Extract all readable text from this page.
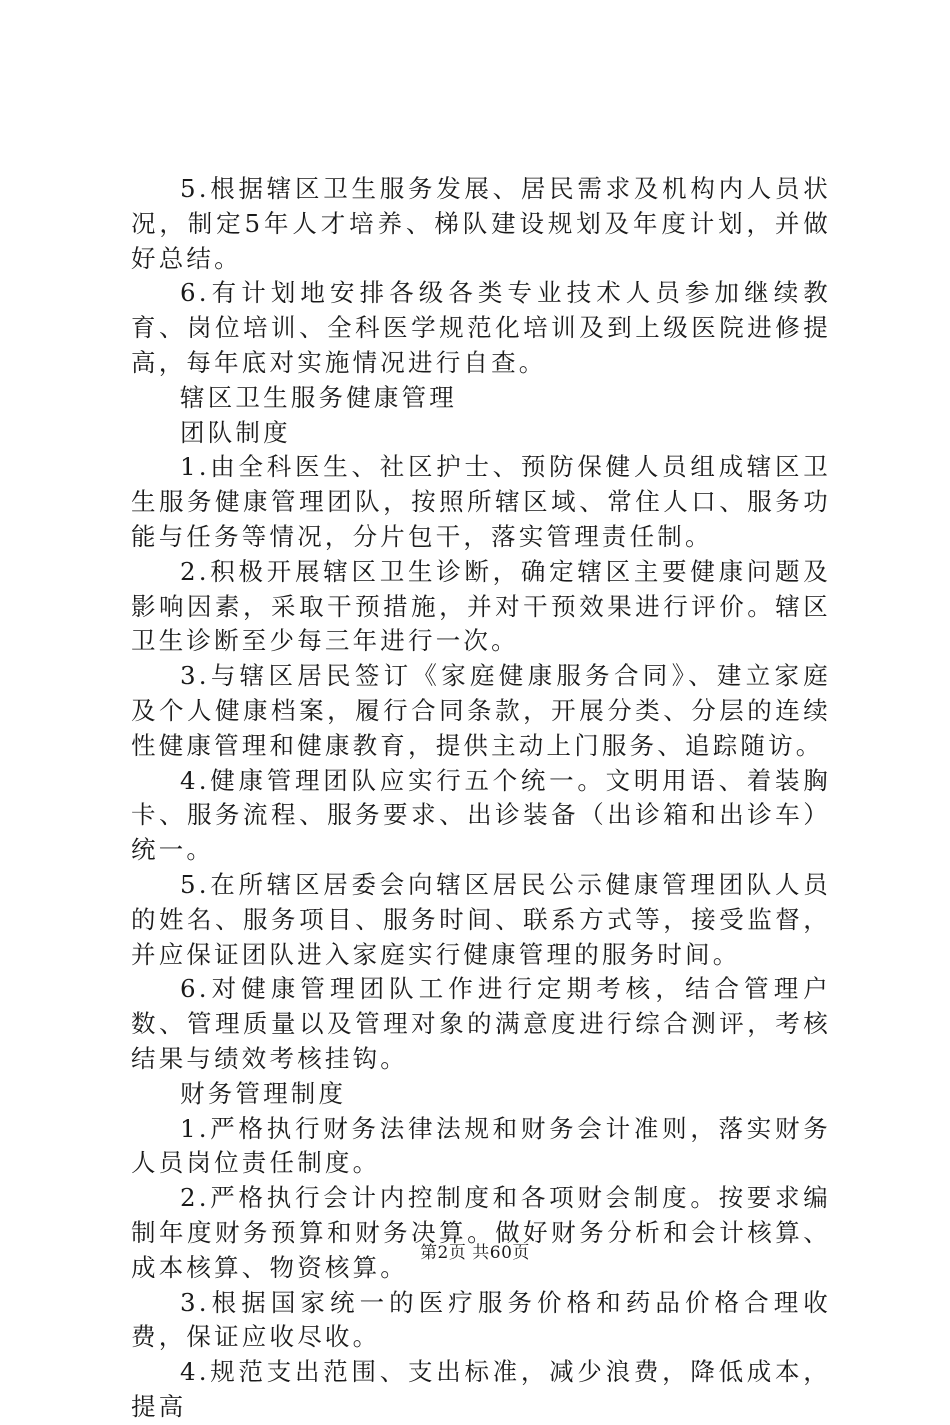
5.根据辖区卫生服务发展、居民需求及机构内人员状况，制定5年人才培养、梯队建设规划及年度计划，并做好总结。

6.有计划地安排各级各类专业技术人员参加继续教育、岗位培训、全科医学规范化培训及到上级医院进修提高，每年底对实施情况进行自查。

辖区卫生服务健康管理

团队制度

1.由全科医生、社区护士、预防保健人员组成辖区卫生服务健康管理团队，按照所辖区域、常住人口、服务功能与任务等情况，分片包干，落实管理责任制。

2.积极开展辖区卫生诊断，确定辖区主要健康问题及影响因素，采取干预措施，并对干预效果进行评价。辖区卫生诊断至少每三年进行一次。

3.与辖区居民签订《家庭健康服务合同》、建立家庭及个人健康档案，履行合同条款，开展分类、分层的连续性健康管理和健康教育，提供主动上门服务、追踪随访。

4.健康管理团队应实行五个统一。文明用语、着装胸卡、服务流程、服务要求、出诊装备（出诊箱和出诊车）统一。

5.在所辖区居委会向辖区居民公示健康管理团队人员的姓名、服务项目、服务时间、联系方式等，接受监督，并应保证团队进入家庭实行健康管理的服务时间。

6.对健康管理团队工作进行定期考核，结合管理户数、管理质量以及管理对象的满意度进行综合测评，考核结果与绩效考核挂钩。

财务管理制度

1.严格执行财务法律法规和财务会计准则，落实财务人员岗位责任制度。

2.严格执行会计内控制度和各项财会制度。按要求编制年度财务预算和财务决算。做好财务分析和会计核算、成本核算、物资核算。

3.根据国家统一的医疗服务价格和药品价格合理收费，保证应收尽收。

4.规范支出范围、支出标准，减少浪费，降低成本，提高

第2页 共60页
